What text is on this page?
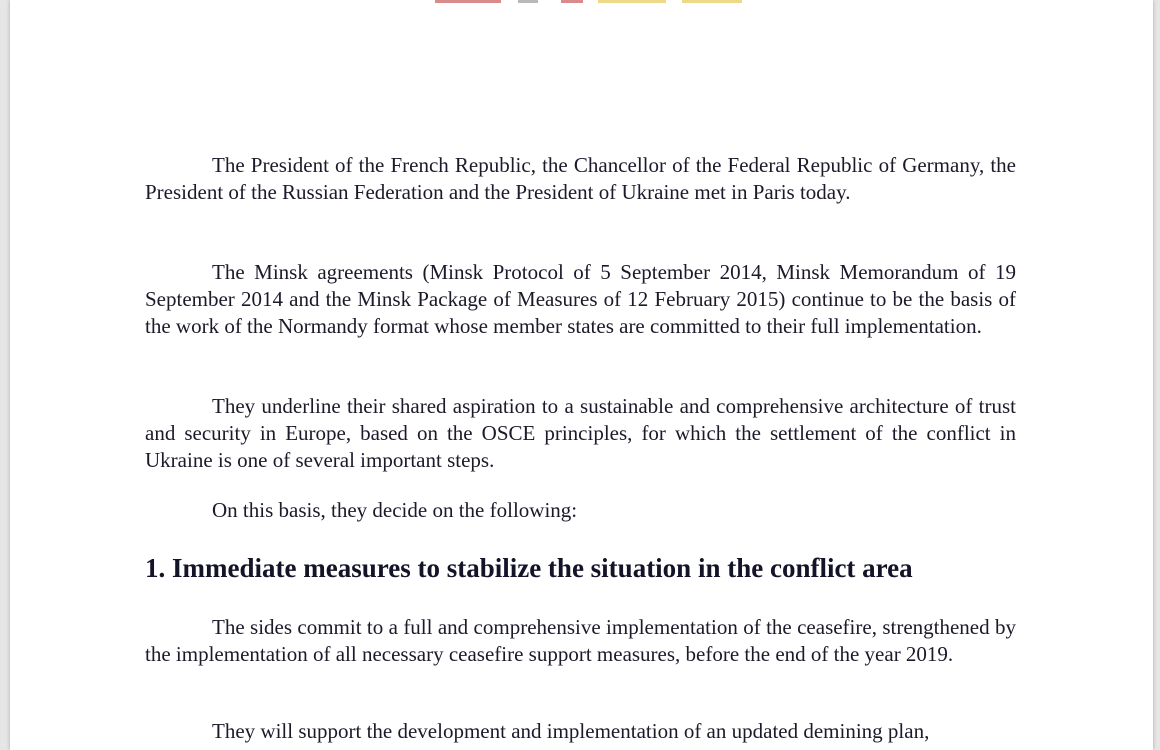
The President of the French Republic, the Chancellor of the Federal Republic of Germany, the President of the Russian Federation and the President of Ukraine met in Paris today.

The Minsk agreements (Minsk Protocol of 5 September 2014, Minsk Memorandum of 19 September 2014 and the Minsk Package of Measures of 12 February 2015) continue to be the basis of the work of the Normandy format whose member states are committed to their full implementation.

They underline their shared aspiration to a sustainable and comprehensive architecture of trust and security in Europe, based on the OSCE principles, for which the settlement of the conflict in Ukraine is one of several important steps.

On this basis, they decide on the following:

1. Immediate measures to stabilize the situation in the conflict area

The sides commit to a full and comprehensive implementation of the ceasefire, strengthened by the implementation of all necessary ceasefire support measures, before the end of the year 2019.

They will support the development and implementation of an updated demining plan,
